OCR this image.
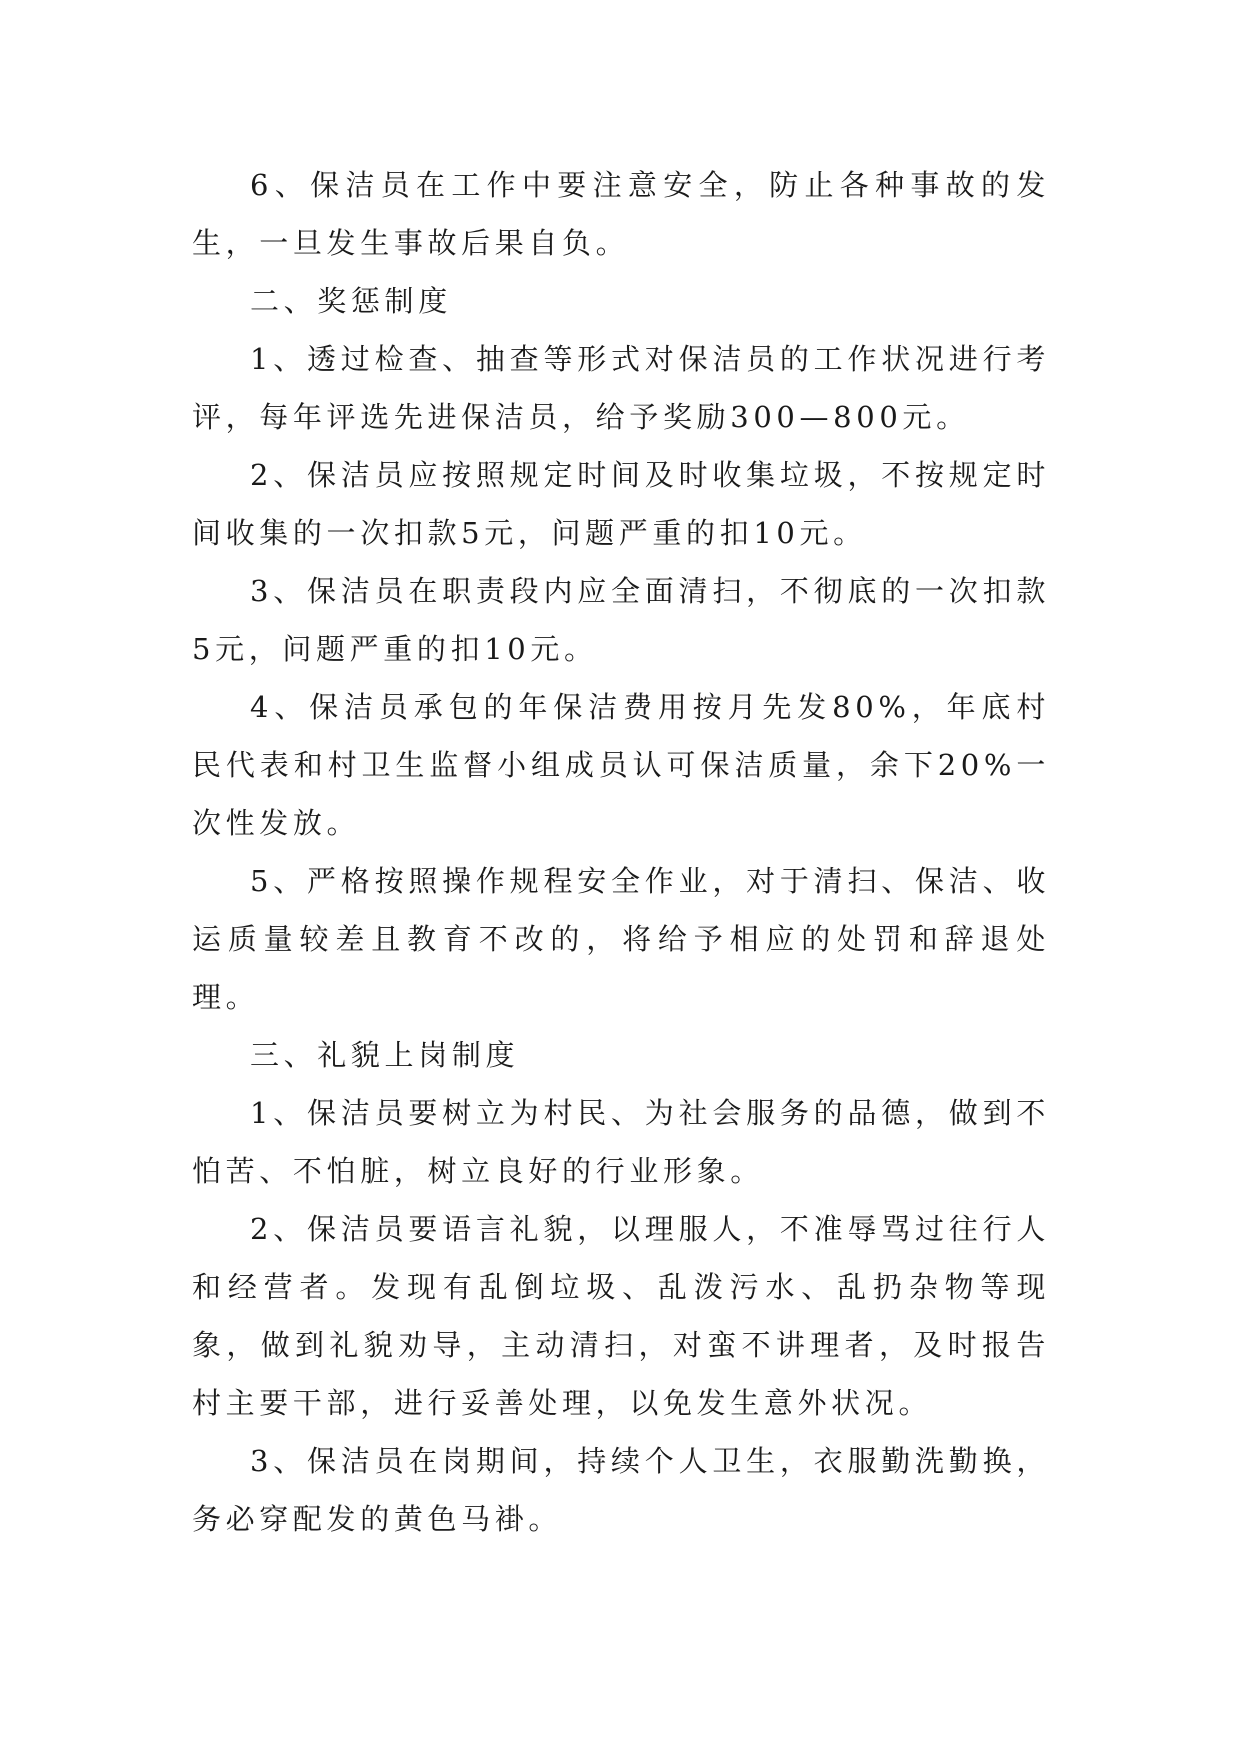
6、保洁员在工作中要注意安全，防止各种事故的发生，一旦发生事故后果自负。

二、奖惩制度

1、透过检查、抽查等形式对保洁员的工作状况进行考评，每年评选先进保洁员，给予奖励300—800元。

2、保洁员应按照规定时间及时收集垃圾，不按规定时间收集的一次扣款5元，问题严重的扣10元。

3、保洁员在职责段内应全面清扫，不彻底的一次扣款5元，问题严重的扣10元。

4、保洁员承包的年保洁费用按月先发80%，年底村民代表和村卫生监督小组成员认可保洁质量，余下20%一次性发放。

5、严格按照操作规程安全作业，对于清扫、保洁、收运质量较差且教育不改的，将给予相应的处罚和辞退处理。

三、礼貌上岗制度

1、保洁员要树立为村民、为社会服务的品德，做到不怕苦、不怕脏，树立良好的行业形象。

2、保洁员要语言礼貌，以理服人，不准辱骂过往行人和经营者。发现有乱倒垃圾、乱泼污水、乱扔杂物等现象，做到礼貌劝导，主动清扫，对蛮不讲理者，及时报告村主要干部，进行妥善处理，以免发生意外状况。

3、保洁员在岗期间，持续个人卫生，衣服勤洗勤换，务必穿配发的黄色马褂。
